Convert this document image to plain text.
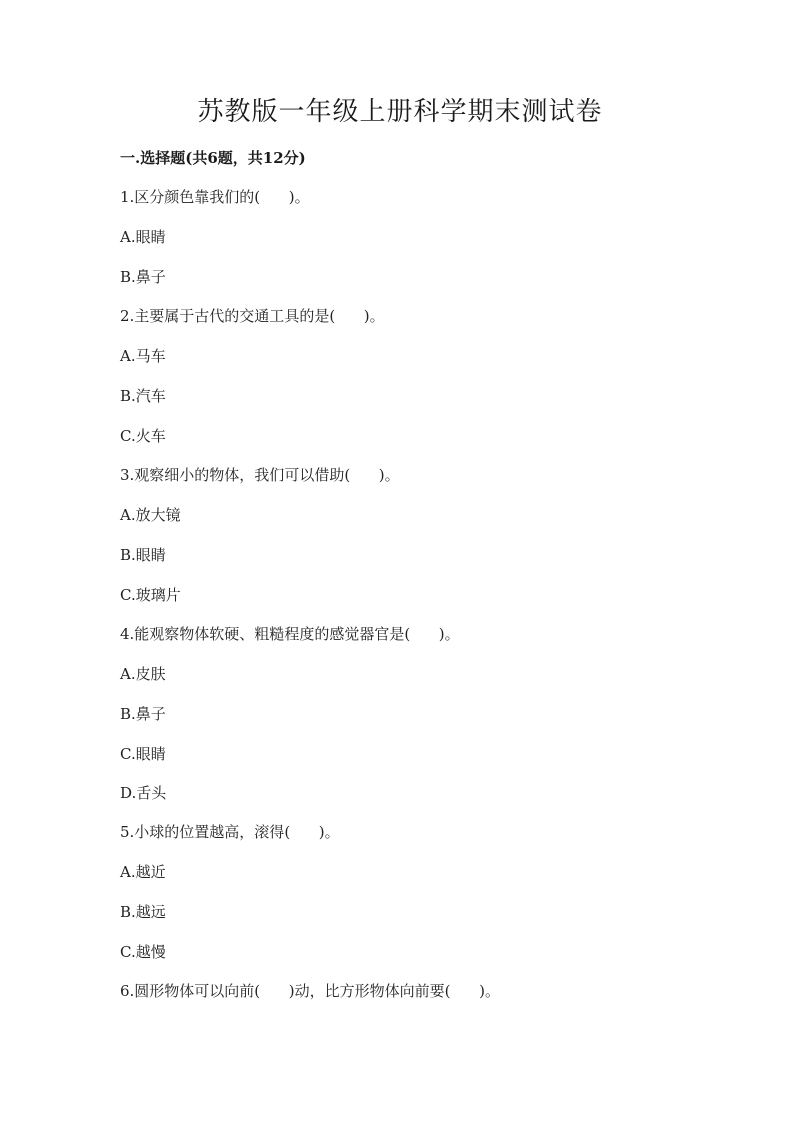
苏教版一年级上册科学期末测试卷
一.选择题(共6题，共12分)

1.区分颜色靠我们的(      )。

A.眼睛

B.鼻子

2.主要属于古代的交通工具的是(      )。

A.马车

B.汽车

C.火车

3.观察细小的物体，我们可以借助(      )。

A.放大镜

B.眼睛

C.玻璃片

4.能观察物体软硬、粗糙程度的感觉器官是(      )。

A.皮肤

B.鼻子

C.眼睛

D.舌头

5.小球的位置越高，滚得(      )。

A.越近

B.越远

C.越慢

6.圆形物体可以向前(      )动，比方形物体向前要(      )。
